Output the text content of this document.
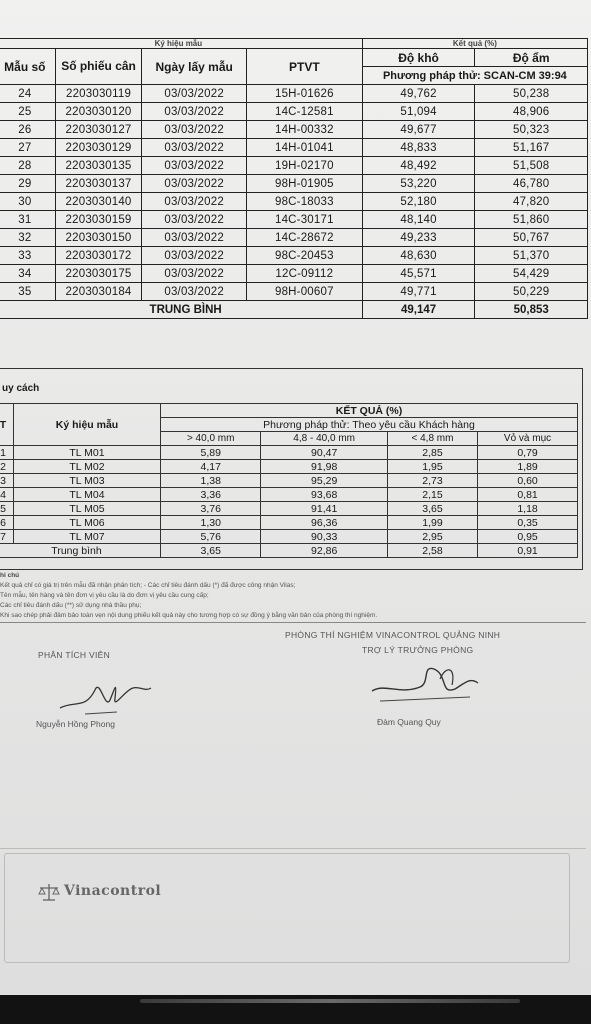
Ký hiệu mẫu				Kết quả (%)	
Mẫu số	Số phiếu cân	Ngày lấy mẫu	PTVT	Độ khô	Độ ẩm
				Phương pháp thử: SCAN-CM 39:94	
24	2203030119	03/03/2022	15H-01626	49,762	50,238
25	2203030120	03/03/2022	14C-12581	51,094	48,906
26	2203030127	03/03/2022	14H-00332	49,677	50,323
27	2203030129	03/03/2022	14H-01041	48,833	51,167
28	2203030135	03/03/2022	19H-02170	48,492	51,508
29	2203030137	03/03/2022	98H-01905	53,220	46,780
30	2203030140	03/03/2022	98C-18033	52,180	47,820
31	2203030159	03/03/2022	14C-30171	48,140	51,860
32	2203030150	03/03/2022	14C-28672	49,233	50,767
33	2203030172	03/03/2022	98C-20453	48,630	51,370
34	2203030175	03/03/2022	12C-09112	45,571	54,429
35	2203030184	03/03/2022	98H-00607	49,771	50,229
TRUNG BÌNH				49,147	50,853
uy cách
T	Ký hiệu mẫu	KẾT QUẢ (%)			
		Phương pháp thử: Theo yêu cầu Khách hàng			
		> 40,0 mm	4,8 - 40,0 mm	< 4,8 mm	Vỏ và mục
1	TL M01	5,89	90,47	2,85	0,79
2	TL M02	4,17	91,98	1,95	1,89
3	TL M03	1,38	95,29	2,73	0,60
4	TL M04	3,36	93,68	2,15	0,81
5	TL M05	3,76	91,41	3,65	1,18
6	TL M06	1,30	96,36	1,99	0,35
7	TL M07	5,76	90,33	2,95	0,95
Trung bình		3,65	92,86	2,58	0,91
hi chú
Kết quả chỉ có giá trị trên mẫu đã nhận phân tích; - Các chỉ tiêu đánh dấu (*) đã được công nhận Vilas;
Tên mẫu, tên hàng và tên đơn vị yêu cầu là do đơn vị yêu cầu cung cấp;
Các chỉ tiêu đánh dấu (**) sử dụng nhà thầu phụ;
Khi sao chép phải đảm bảo toàn vẹn nội dung phiếu kết quả này cho tương hợp có sự đồng ý bằng văn bản của phòng thí nghiệm.
PHÒNG THÍ NGHIỆM VINACONTROL QUẢNG NINH
TRỢ LÝ TRƯỞNG PHÒNG
PHÂN TÍCH VIÊN
Nguyễn Hồng Phong	Đàm Quang Quy
Vinacontrol
